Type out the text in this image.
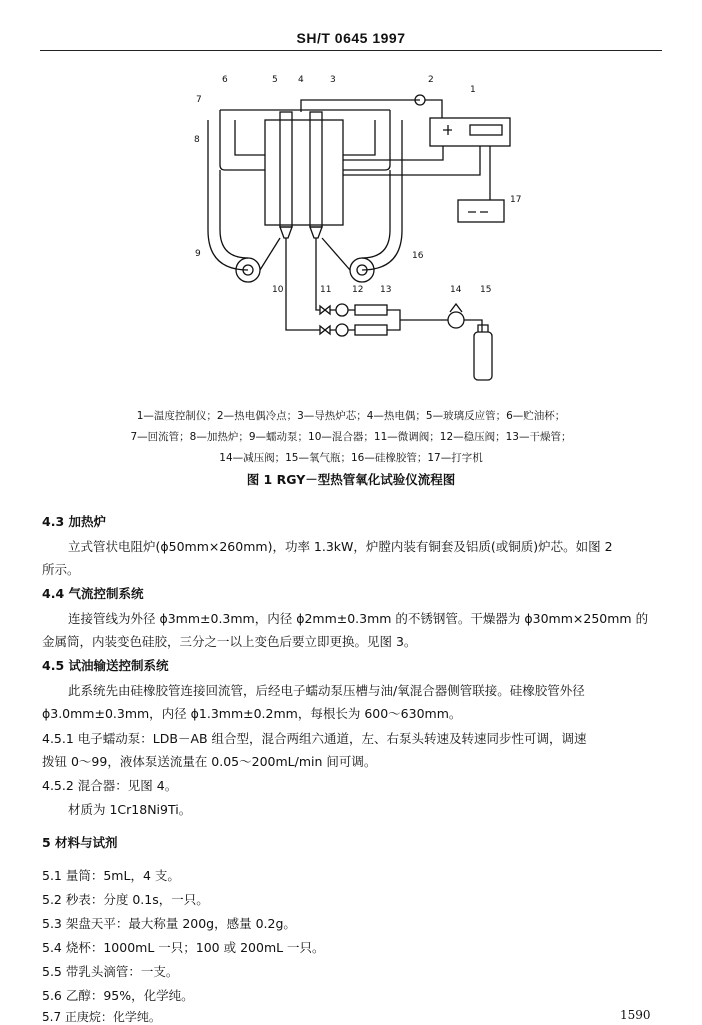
SH/T 0645 1997
1
2
3
4
5
6
7
8
9
10	11 12 13	14 15
16
17
1—温度控制仪；2—热电偶冷点；3—导热炉芯；4—热电偶；5—玻璃反应管；6—贮油杯；
7—回流管；8—加热炉；9—蠕动泵；10—混合器；11—微调阀；12—稳压阀；13—干燥管；
14—减压阀；15—氧气瓶；16—硅橡胶管；17—打字机
图 1 RGY－型热管氧化试验仪流程图
4.3 加热炉
立式管状电阻炉(ϕ50mm×260mm)，功率 1.3kW，炉膛内装有铜套及铝质(或铜质)炉芯。如图 2
所示。
4.4 气流控制系统
连接管线为外径 ϕ3mm±0.3mm，内径 ϕ2mm±0.3mm 的不锈钢管。干燥器为 ϕ30mm×250mm 的
金属筒，内装变色硅胶，三分之一以上变色后要立即更换。见图 3。
4.5 试油输送控制系统
此系统先由硅橡胶管连接回流管，后经电子蠕动泵压槽与油/氧混合器侧管联接。硅橡胶管外径
ϕ3.0mm±0.3mm，内径 ϕ1.3mm±0.2mm，每根长为 600～630mm。
4.5.1 电子蠕动泵：LDB－AB 组合型，混合两组六通道，左、右泵头转速及转速同步性可调，调速
拨钮 0～99，液体泵送流量在 0.05～200mL/min 间可调。
4.5.2 混合器：见图 4。
材质为 1Cr18Ni9Ti。
5 材料与试剂
5.1 量筒：5mL，4 支。
5.2 秒表：分度 0.1s，一只。
5.3 架盘天平：最大称量 200g，感量 0.2g。
5.4 烧杯：1000mL 一只；100 或 200mL 一只。
5.5 带乳头滴管：一支。
5.6 乙醇：95%，化学纯。
5.7 正庚烷：化学纯。	1590
